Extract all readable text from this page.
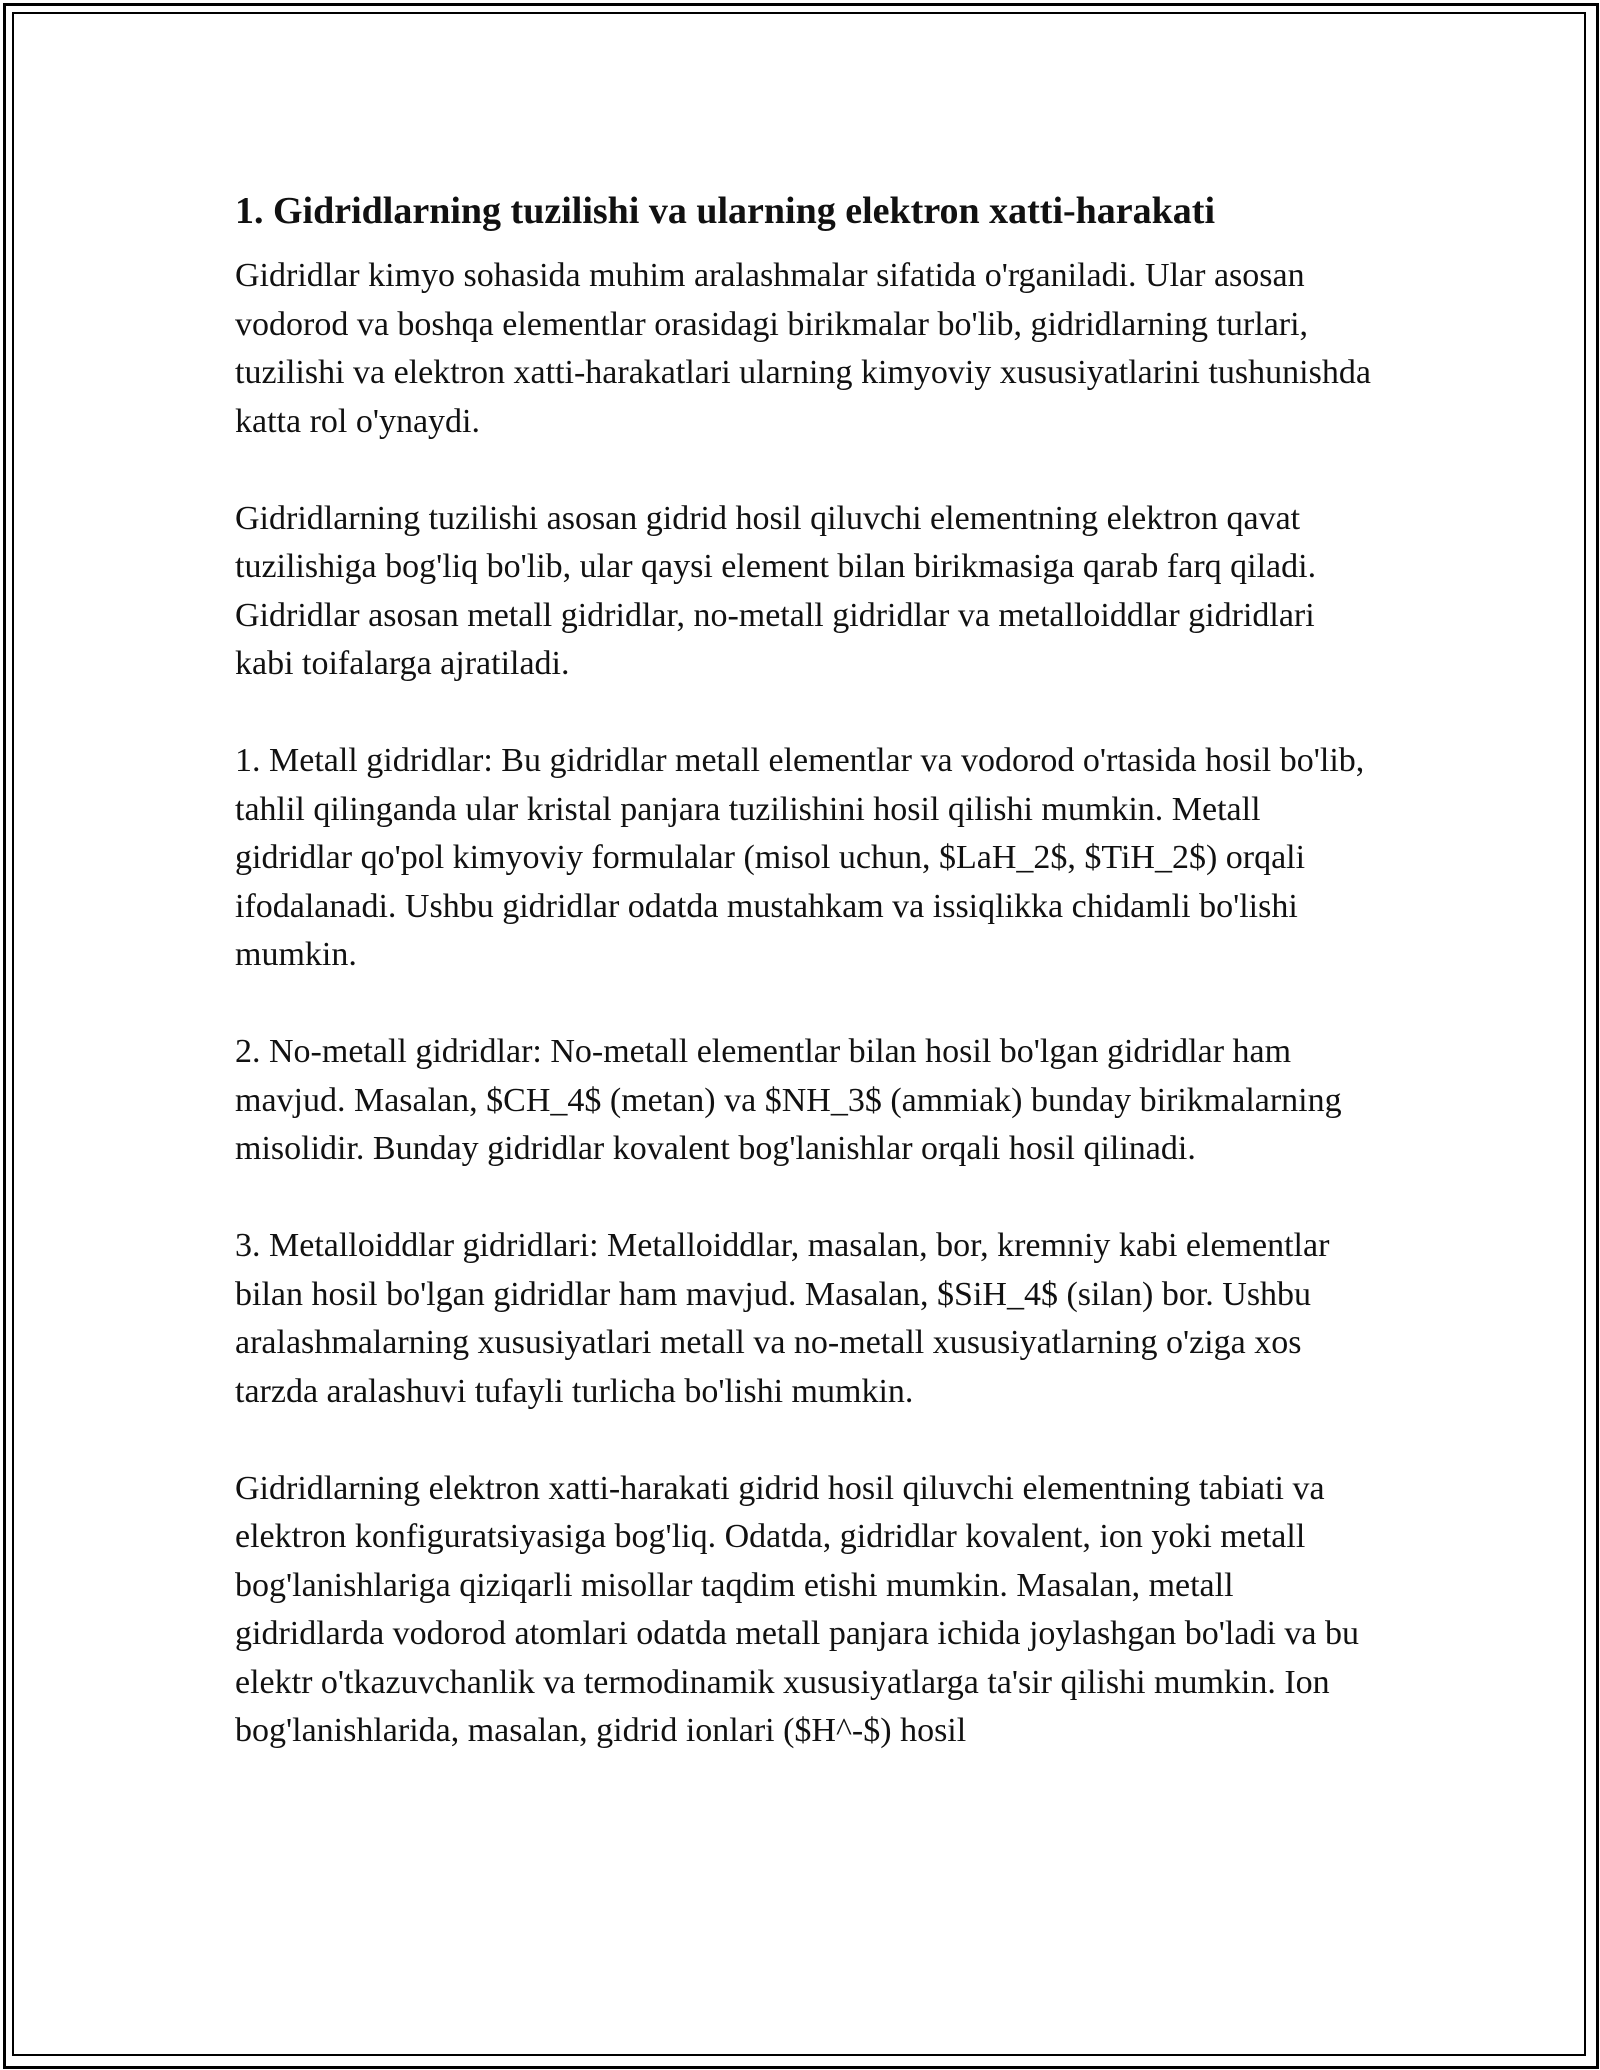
1. Gidridlarning tuzilishi va ularning elektron xatti-harakati

Gidridlar kimyo sohasida muhim aralashmalar sifatida o'rganiladi. Ular asosan vodorod va boshqa elementlar orasidagi birikmalar bo'lib, gidridlarning turlari, tuzilishi va elektron xatti-harakatlari ularning kimyoviy xususiyatlarini tushunishda katta rol o'ynaydi.

Gidridlarning tuzilishi asosan gidrid hosil qiluvchi elementning elektron qavat tuzilishiga bog'liq bo'lib, ular qaysi element bilan birikmasiga qarab farq qiladi. Gidridlar asosan metall gidridlar, no-metall gidridlar va metalloiddlar gidridlari kabi toifalarga ajratiladi.

1. Metall gidridlar: Bu gidridlar metall elementlar va vodorod o'rtasida hosil bo'lib, tahlil qilinganda ular kristal panjara tuzilishini hosil qilishi mumkin. Metall gidridlar qo'pol kimyoviy formulalar (misol uchun, $LaH_2$, $TiH_2$) orqali ifodalanadi. Ushbu gidridlar odatda mustahkam va issiqlikka chidamli bo'lishi mumkin.

2. No-metall gidridlar: No-metall elementlar bilan hosil bo'lgan gidridlar ham mavjud. Masalan, $CH_4$ (metan) va $NH_3$ (ammiak) bunday birikmalarning misolidir. Bunday gidridlar kovalent bog'lanishlar orqali hosil qilinadi.

3. Metalloiddlar gidridlari: Metalloiddlar, masalan, bor, kremniy kabi elementlar bilan hosil bo'lgan gidridlar ham mavjud. Masalan, $SiH_4$ (silan) bor. Ushbu aralashmalarning xususiyatlari metall va no-metall xususiyatlarning o'ziga xos tarzda aralashuvi tufayli turlicha bo'lishi mumkin.

Gidridlarning elektron xatti-harakati gidrid hosil qiluvchi elementning tabiati va elektron konfiguratsiyasiga bog'liq. Odatda, gidridlar kovalent, ion yoki metall bog'lanishlariga qiziqarli misollar taqdim etishi mumkin. Masalan, metall gidridlarda vodorod atomlari odatda metall panjara ichida joylashgan bo'ladi va bu elektr o'tkazuvchanlik va termodinamik xususiyatlarga ta'sir qilishi mumkin. Ion bog'lanishlarida, masalan, gidrid ionlari ($H^-$) hosil
